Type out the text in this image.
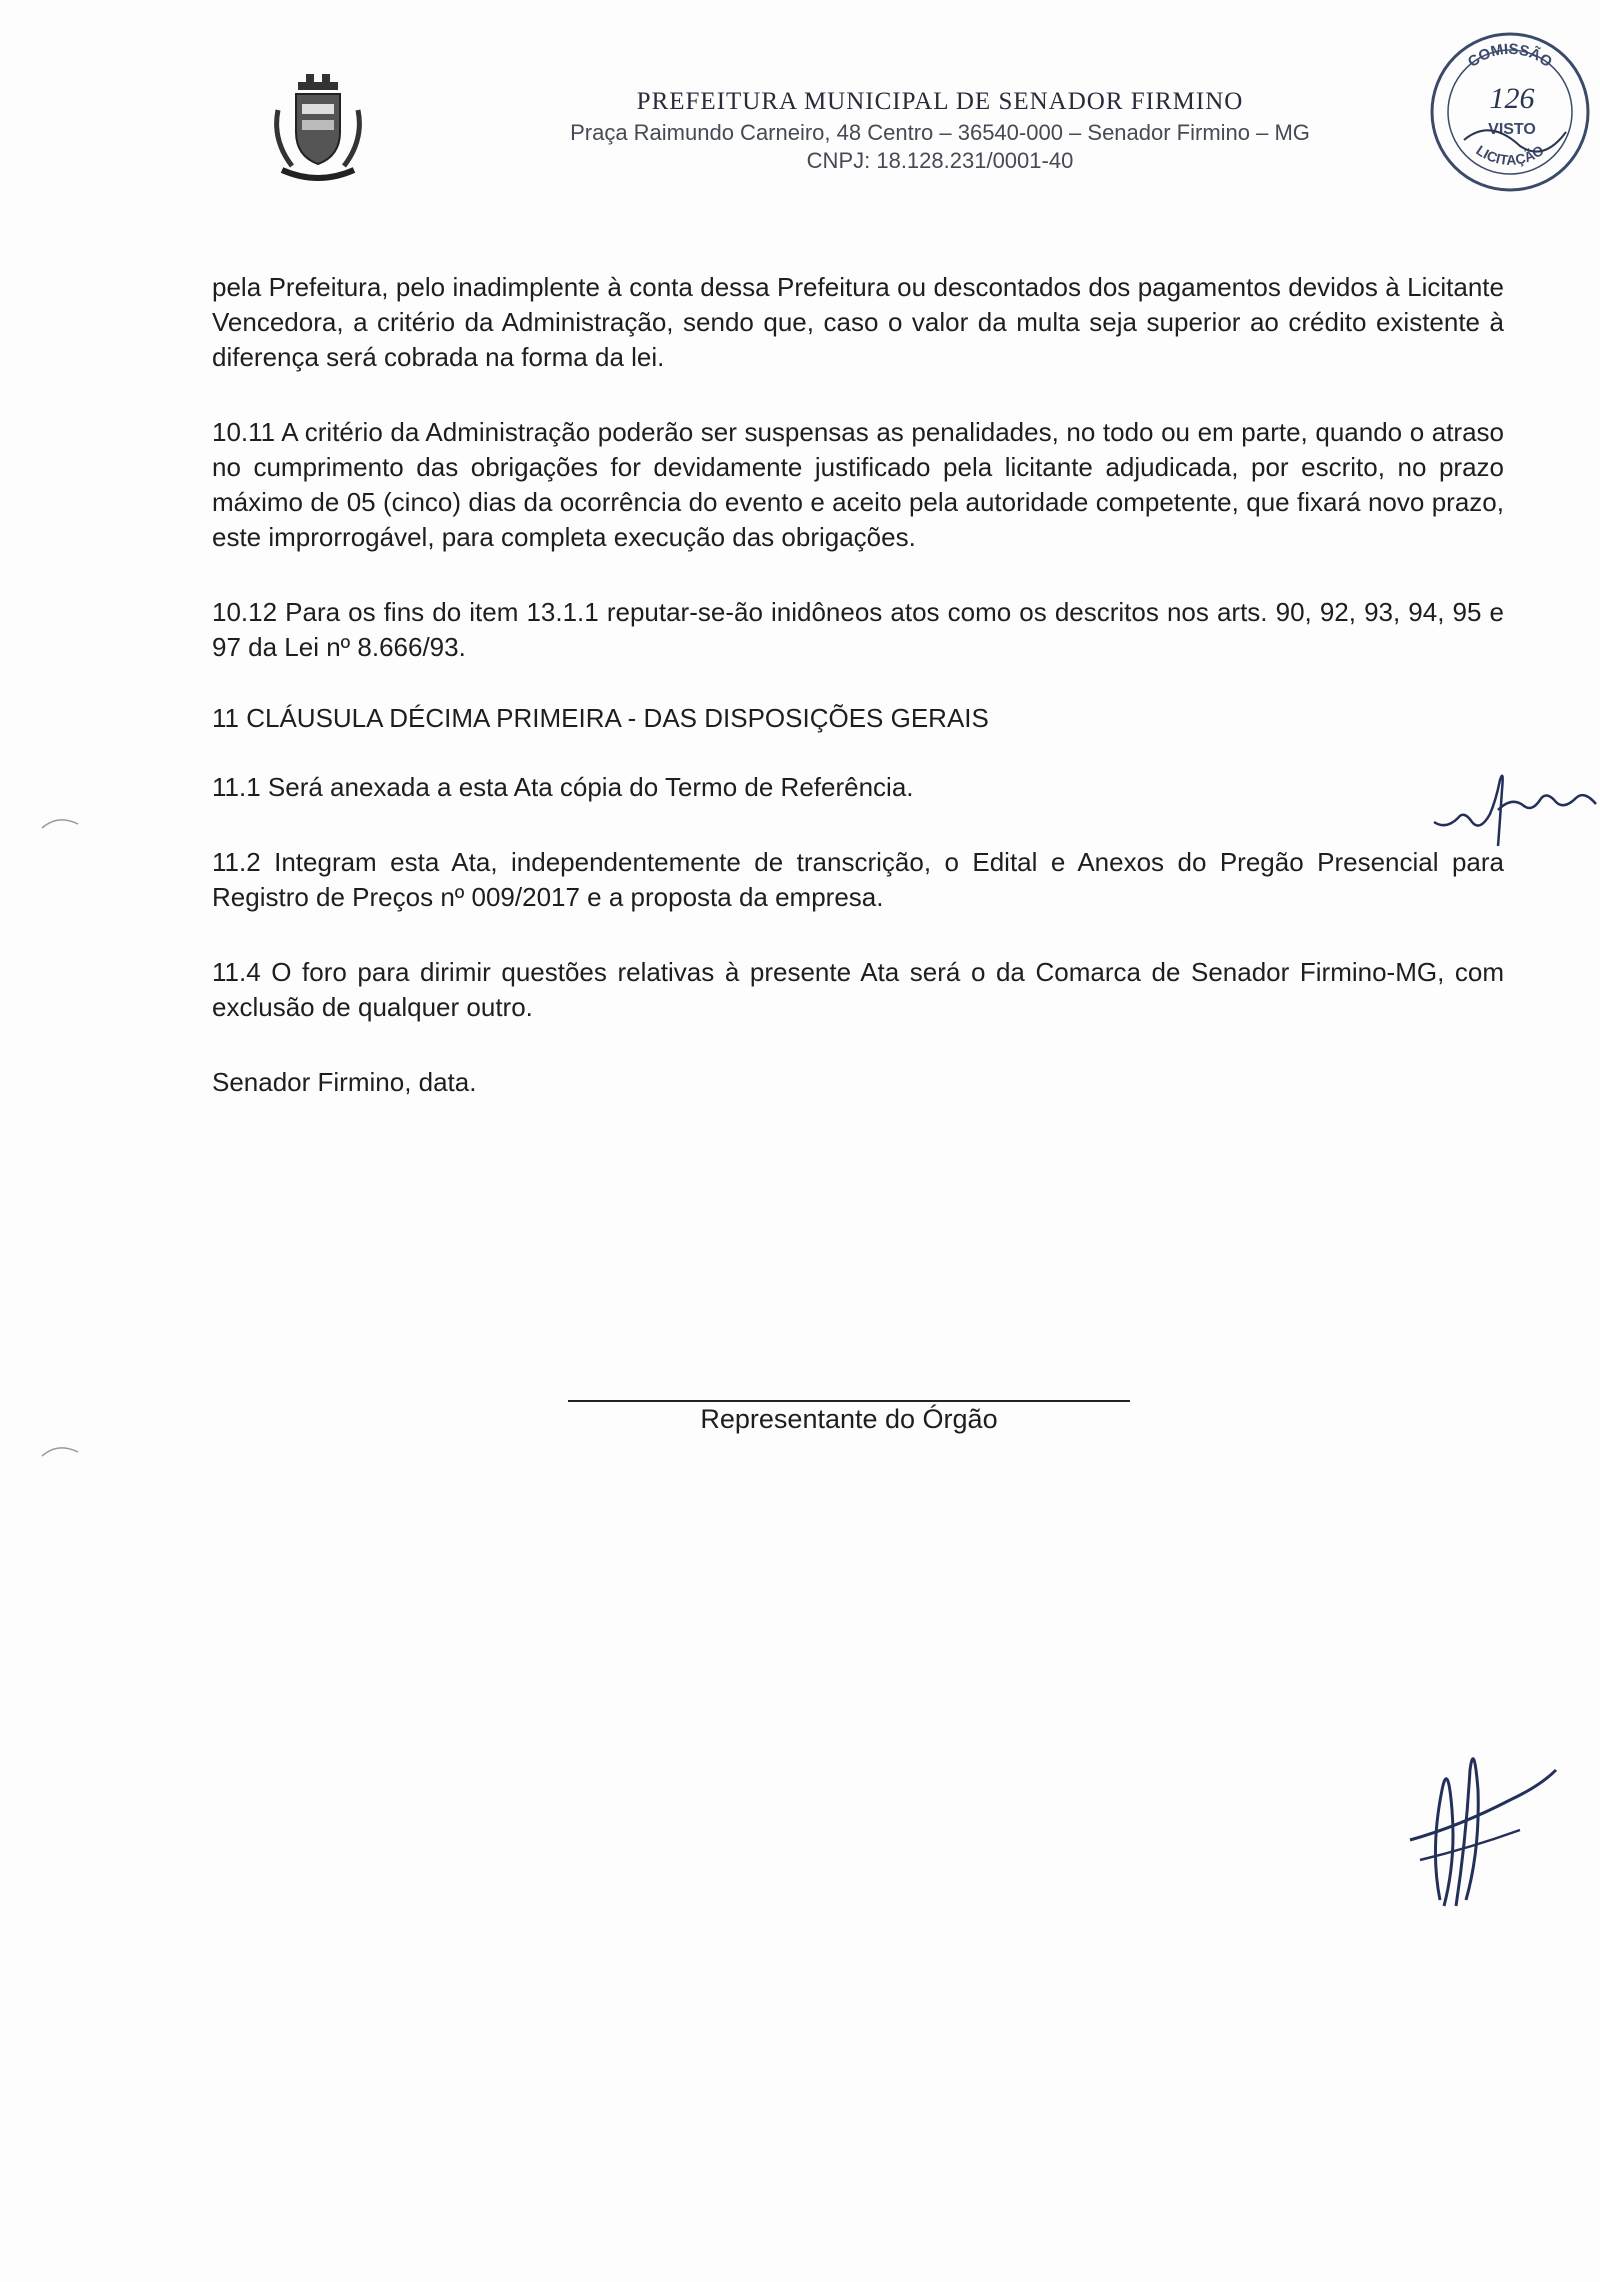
PREFEITURA MUNICIPAL DE SENADOR FIRMINO
Praça Raimundo Carneiro, 48 Centro – 36540-000 – Senador Firmino – MG
CNPJ: 18.128.231/0001-40
COMISSÃO
126
VISTO
LICITAÇÃO

pela Prefeitura, pelo inadimplente à conta dessa Prefeitura ou descontados dos pagamentos devidos à Licitante Vencedora, a critério da Administração, sendo que, caso o valor da multa seja superior ao crédito existente à diferença será cobrada na forma da lei.

10.11 A critério da Administração poderão ser suspensas as penalidades, no todo ou em parte, quando o atraso no cumprimento das obrigações for devidamente justificado pela licitante adjudicada, por escrito, no prazo máximo de 05 (cinco) dias da ocorrência do evento e aceito pela autoridade competente, que fixará novo prazo, este improrrogável, para completa execução das obrigações.

10.12 Para os fins do item 13.1.1 reputar-se-ão inidôneos atos como os descritos nos arts. 90, 92, 93, 94, 95 e 97 da Lei nº 8.666/93.

11 CLÁUSULA DÉCIMA PRIMEIRA - DAS DISPOSIÇÕES GERAIS

11.1 Será anexada a esta Ata cópia do Termo de Referência.

11.2 Integram esta Ata, independentemente de transcrição, o Edital e Anexos do Pregão Presencial para Registro de Preços nº 009/2017 e a proposta da empresa.

11.4 O foro para dirimir questões relativas à presente Ata será o da Comarca de Senador Firmino-MG, com exclusão de qualquer outro.

Senador Firmino, data.

Representante do Órgão
